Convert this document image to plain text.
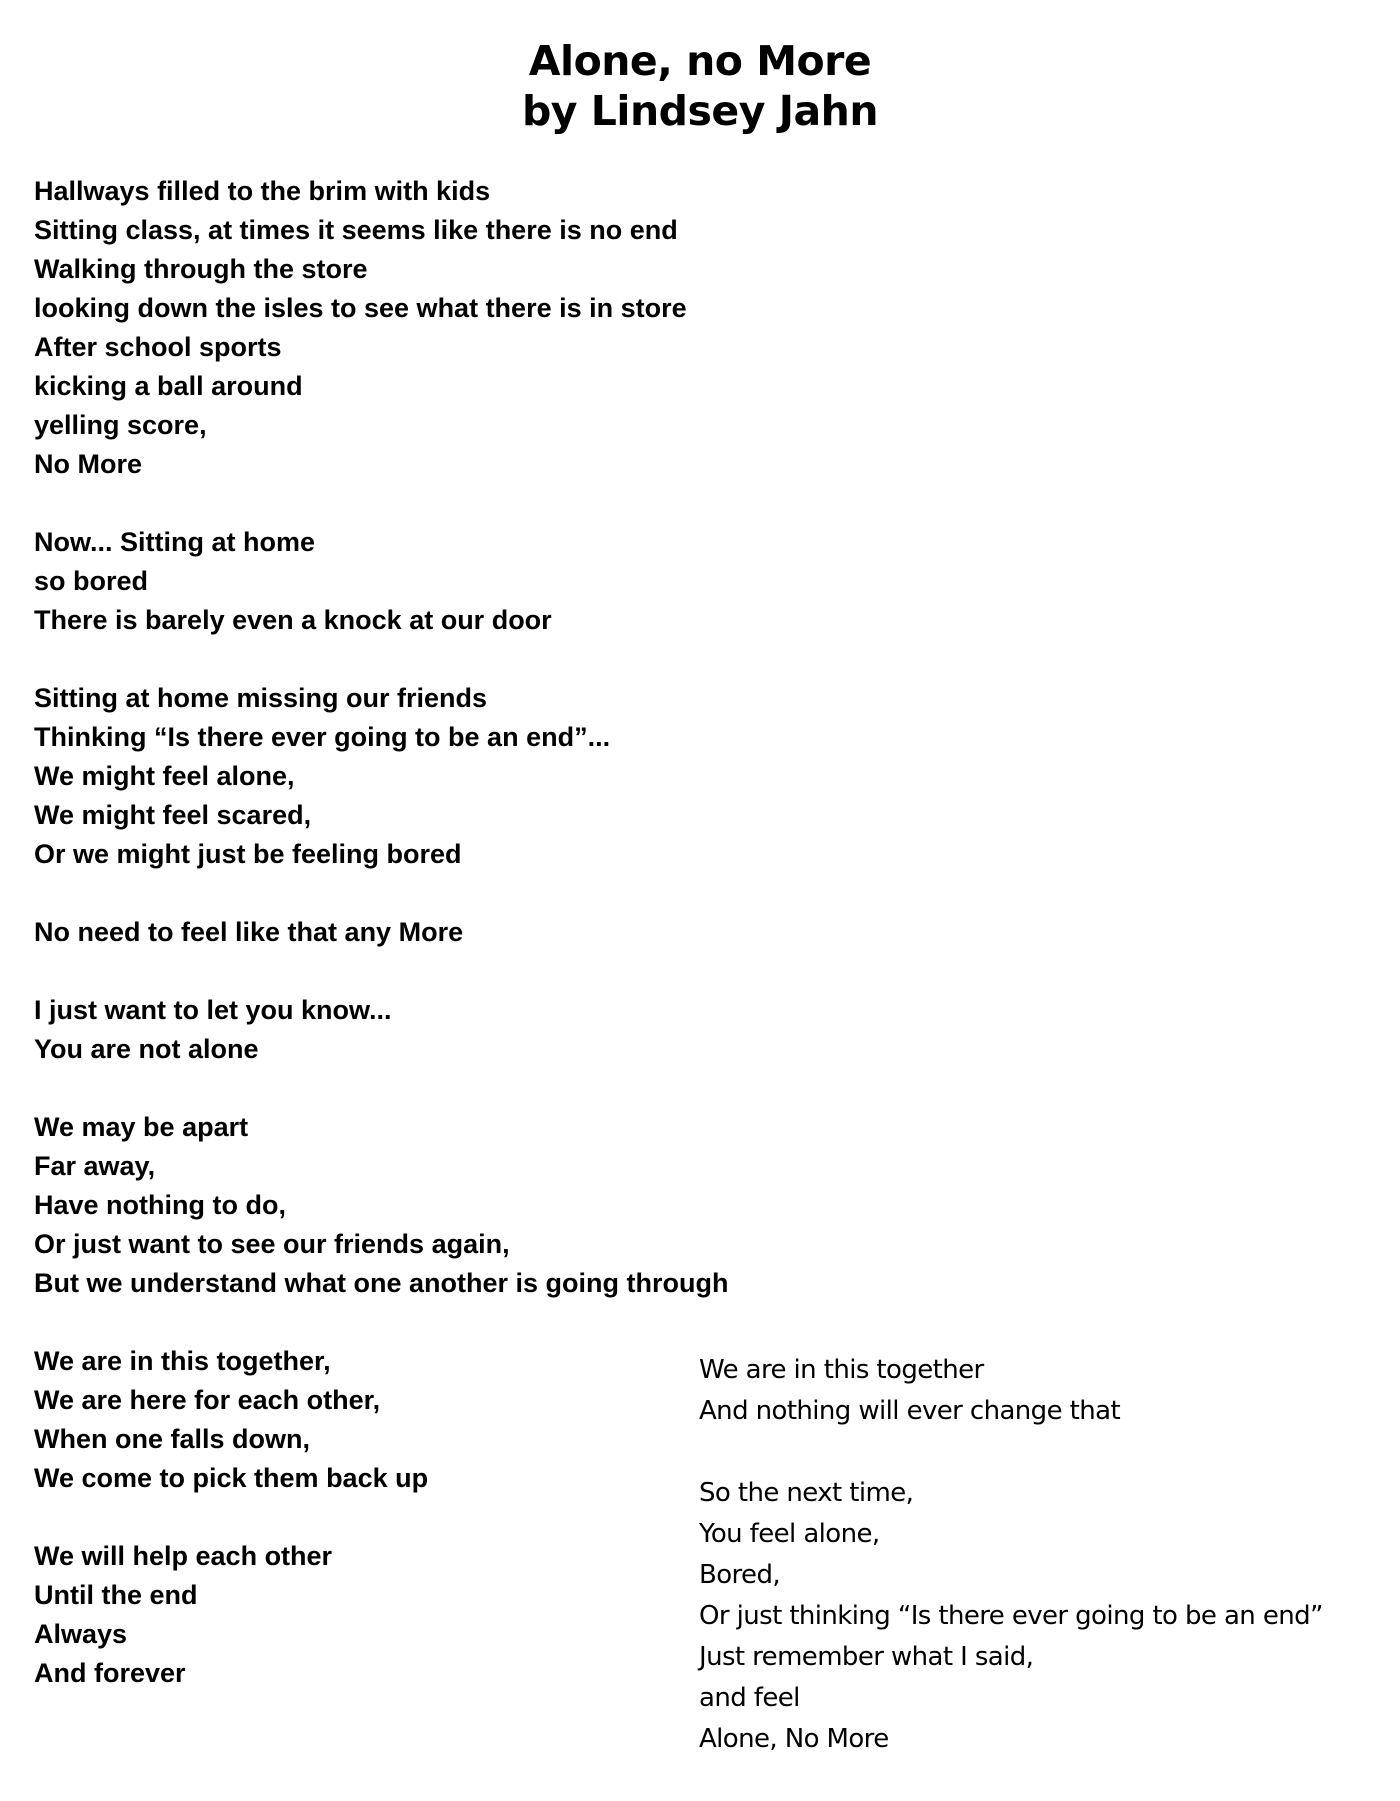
Alone, no More
by Lindsey Jahn
Hallways filled to the brim with kids
Sitting class, at times it seems like there is no end
Walking through the store
looking down the isles to see what there is in store
After school sports
kicking a ball around
yelling score,
No More
Now... Sitting at home
so bored
There is barely even a knock at our door
Sitting at home missing our friends
Thinking “Is there ever going to be an end”...
We might feel alone,
We might feel scared,
Or we might just be feeling bored
No need to feel like that any More
I just want to let you know...
You are not alone
We may be apart
Far away,
Have nothing to do,
Or just want to see our friends again,
But we understand what one another is going through
We are in this together,
We are here for each other,
When one falls down,
We come to pick them back up
We will help each other
Until the end
Always
And forever
We are in this together
And nothing will ever change that
So the next time,
You feel alone,
Bored,
Or just thinking “Is there ever going to be an end”
Just remember what I said,
and feel
Alone, No More
